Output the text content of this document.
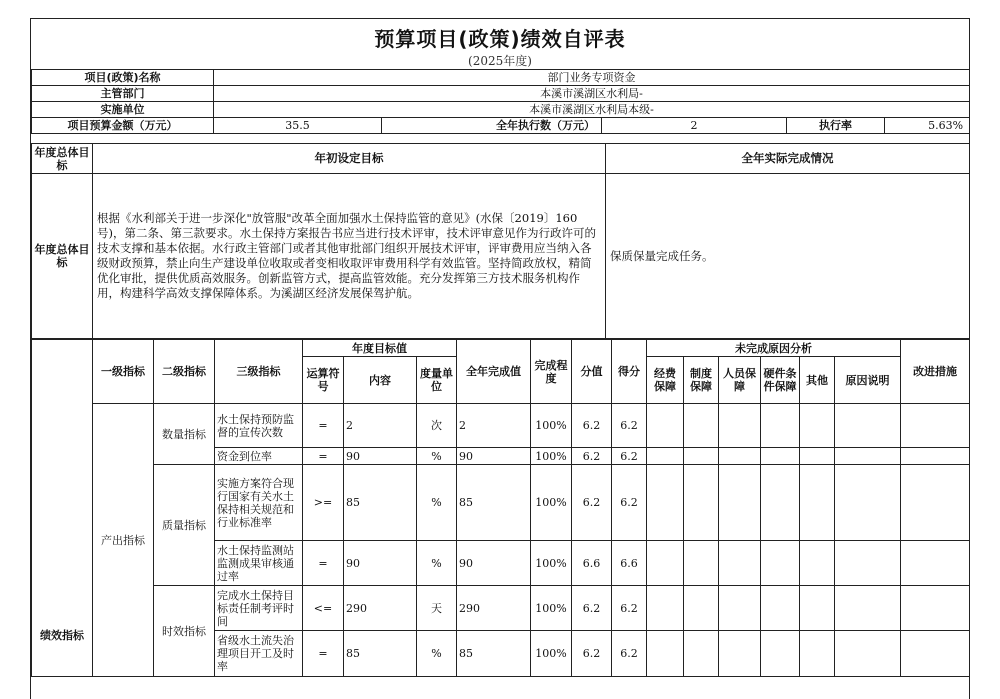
预算项目(政策)绩效自评表
(2025年度)
项目(政策)名称	部门业务专项资金				
主管部门	本溪市溪湖区水利局-				
实施单位	本溪市溪湖区水利局本级-				
项目预算金额（万元）	35.5	全年执行数（万元）	2	执行率	5.63%
年度总体目标	年初设定目标	全年实际完成情况
年度总体目标	根据《水利部关于进一步深化"放管服"改革全面加强水土保持监管的意见》(水保〔2019〕160号)，第二条、第三款要求。水土保持方案报告书应当进行技术评审，技术评审意见作为行政许可的技术支撑和基本依据。水行政主管部门或者其他审批部门组织开展技术评审，评审费用应当纳入各级财政预算，禁止向生产建设单位收取或者变相收取评审费用科学有效监管。坚持简政放权，精简优化审批，提供优质高效服务。创新监管方式，提高监管效能。充分发挥第三方技术服务机构作用，构建科学高效支撑保障体系。为溪湖区经济发展保驾护航。	保质保量完成任务。
绩效指标	一级指标	二级指标	三级指标	年度目标值			全年完成值	完成程度	分值	得分	未完成原因分析						改进措施
				运算符号	内容	度量单位					经费保障	制度保障	人员保障	硬件条件保障	其他	原因说明	
	产出指标	数量指标	水土保持预防监督的宣传次数	=	2	次	2	100%	6.2	6.2							
			资金到位率	=	90	%	90	100%	6.2	6.2							
		质量指标	实施方案符合现行国家有关水土保持相关规范和行业标准率	>=	85	%	85	100%	6.2	6.2							
			水土保持监测站监测成果审核通过率	=	90	%	90	100%	6.6	6.6							
		时效指标	完成水土保持目标责任制考评时间	<=	290	天	290	100%	6.2	6.2							
			省级水土流失治理项目开工及时率	=	85	%	85	100%	6.2	6.2							
